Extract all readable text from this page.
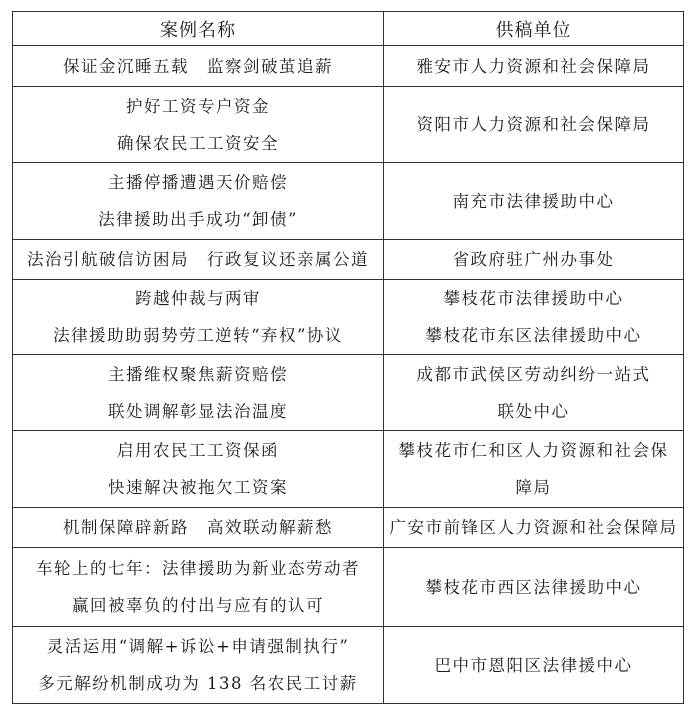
案例名称	供稿单位

保证金沉睡五载　监察剑破茧追薪	雅安市人力资源和社会保障局

护好工资专户资金
确保农民工工资安全	资阳市人力资源和社会保障局

主播停播遭遇天价赔偿
法律援助出手成功“卸债”	南充市法律援助中心

法治引航破信访困局　行政复议还亲属公道	省政府驻广州办事处

跨越仲裁与两审
法律援助助弱势劳工逆转“弃权”协议	攀枝花市法律援助中心
攀枝花市东区法律援助中心

主播维权聚焦薪资赔偿
联处调解彰显法治温度	成都市武侯区劳动纠纷一站式
联处中心

启用农民工工资保函
快速解决被拖欠工资案	攀枝花市仁和区人力资源和社会保
障局

机制保障辟新路　高效联动解薪愁	广安市前锋区人力资源和社会保障局

车轮上的七年：法律援助为新业态劳动者
赢回被辜负的付出与应有的认可	攀枝花市西区法律援助中心

灵活运用“调解+诉讼+申请强制执行”
多元解纷机制成功为 138 名农民工讨薪	巴中市恩阳区法律援中心
